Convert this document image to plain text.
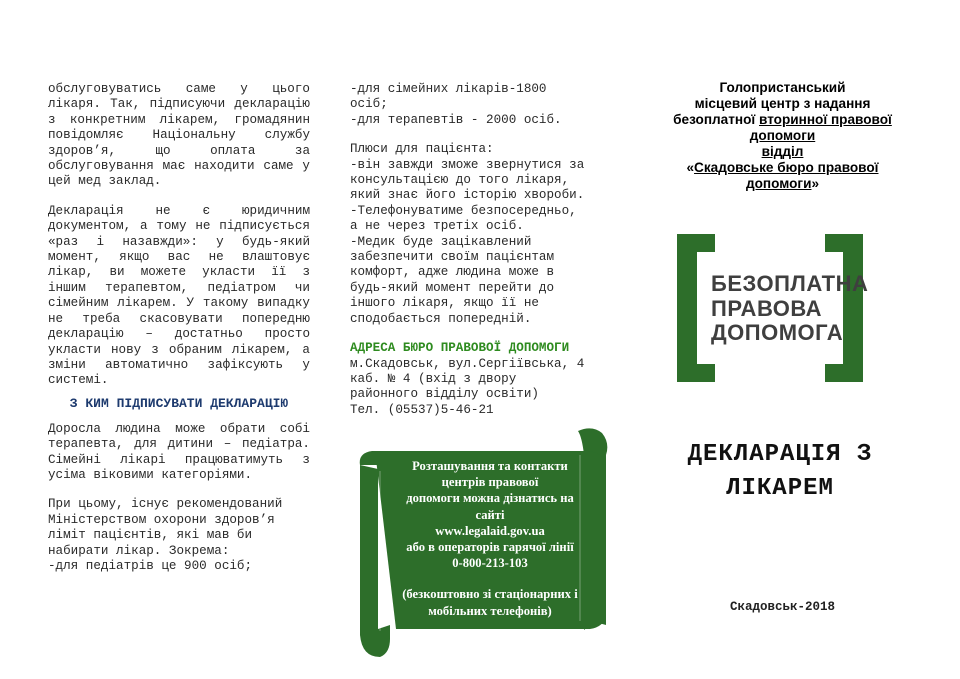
обслуговуватись саме у цього лікаря. Так, підписуючи декларацію з конкретним лікарем, громадянин повідомляє Національну службу здоров’я, що оплата за обслуговування має находити саме у цей мед заклад.

Декларація не є юридичним документом, а тому не підписується «раз і назавжди»: у будь-який момент, якщо вас не влаштовує лікар, ви можете укласти її з іншим терапевтом, педіатром чи сімейним лікарем. У такому випадку не треба скасовувати попередню декларацію – достатньо просто укласти нову з обраним лікарем, а зміни автоматично зафіксують у системі.

З КИМ ПІДПИСУВАТИ ДЕКЛАРАЦІЮ

Доросла людина може обрати собі терапевта, для дитини – педіатра. Сімейні лікарі працюватимуть з усіма віковими категоріями.

При цьому, існує рекомендований Міністерством охорони здоров’я ліміт пацієнтів, які мав би набирати лікар. Зокрема:
-для педіатрів це 900 осіб;

-для сімейних лікарів-1800
осіб;
-для терапевтів - 2000 осіб.

Плюси для пацієнта:
-він завжди зможе звернутися за
консультацією до того лікаря,
який знає його історію хвороби.
-Телефонуватиме безпосередньо,
а не через третіх осіб.
-Медик буде зацікавлений
забезпечити своїм пацієнтам
комфорт, адже людина може в
будь-який момент перейти до
іншого лікаря, якщо її не
сподобається попередній.

АДРЕСА БЮРО ПРАВОВОЇ ДОПОМОГИ

м.Скадовськ, вул.Сергіївська, 4
каб. № 4 (вхід з двору
районного відділу освіти)
Тел. (05537)5-46-21

Розташування та контакти
центрів правової
допомоги можна дізнатись на
сайті
www.legalaid.gov.ua
або в операторів гарячої лінії
0-800-213-103
(безкоштовно зі стаціонарних і
мобільних телефонів)
Голопристанський
місцевий центр з надання
безоплатної вторинної правової
допомоги
відділ
«Скадовське бюро правової
допомоги»
БЕЗОПЛАТНА
ПРАВОВА
ДОПОМОГА
ДЕКЛАРАЦІЯ З
ЛІКАРЕМ
Скадовськ-2018
